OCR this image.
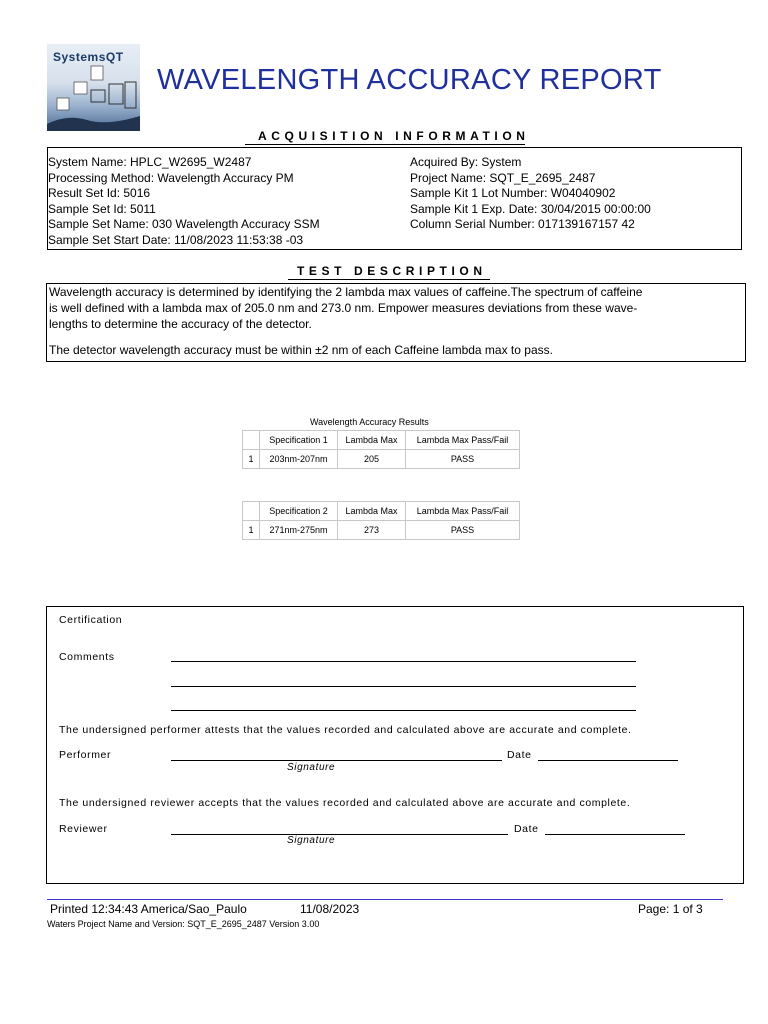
SystemsQT
WAVELENGTH ACCURACY REPORT
ACQUISITION INFORMATION
System Name: HPLC_W2695_W2487
Processing Method: Wavelength Accuracy PM
Result Set Id: 5016
Sample Set Id: 5011
Sample Set Name: 030 Wavelength Accuracy SSM
Sample Set Start Date: 11/08/2023 11:53:38 -03
Acquired By: System
Project Name: SQT_E_2695_2487
Sample Kit 1 Lot Number: W04040902
Sample Kit 1 Exp. Date: 30/04/2015 00:00:00
Column Serial Number: 017139167157 42
TEST DESCRIPTION
Wavelength accuracy is determined by identifying the 2 lambda max values of caffeine.The spectrum of caffeine
is well defined with a lambda max of 205.0 nm and 273.0 nm. Empower measures deviations from these wave-
lengths to determine the accuracy of the detector.
The detector wavelength accuracy must be within ±2 nm of each Caffeine lambda max to pass.
Wavelength Accuracy Results
	Specification 1	Lambda Max	Lambda Max Pass/Fail
1	203nm-207nm	205	PASS
	Specification 2	Lambda Max	Lambda Max Pass/Fail
1	271nm-275nm	273	PASS
Certification
Comments
The undersigned performer attests that the values recorded and calculated above are accurate and complete.
Performer	Date
Signature
The undersigned reviewer accepts that the values recorded and calculated above are accurate and complete.
Reviewer	Date
Signature
Printed 12:34:43 America/Sao_Paulo	11/08/2023	Page: 1 of 3
Waters Project Name and Version: SQT_E_2695_2487 Version 3.00
